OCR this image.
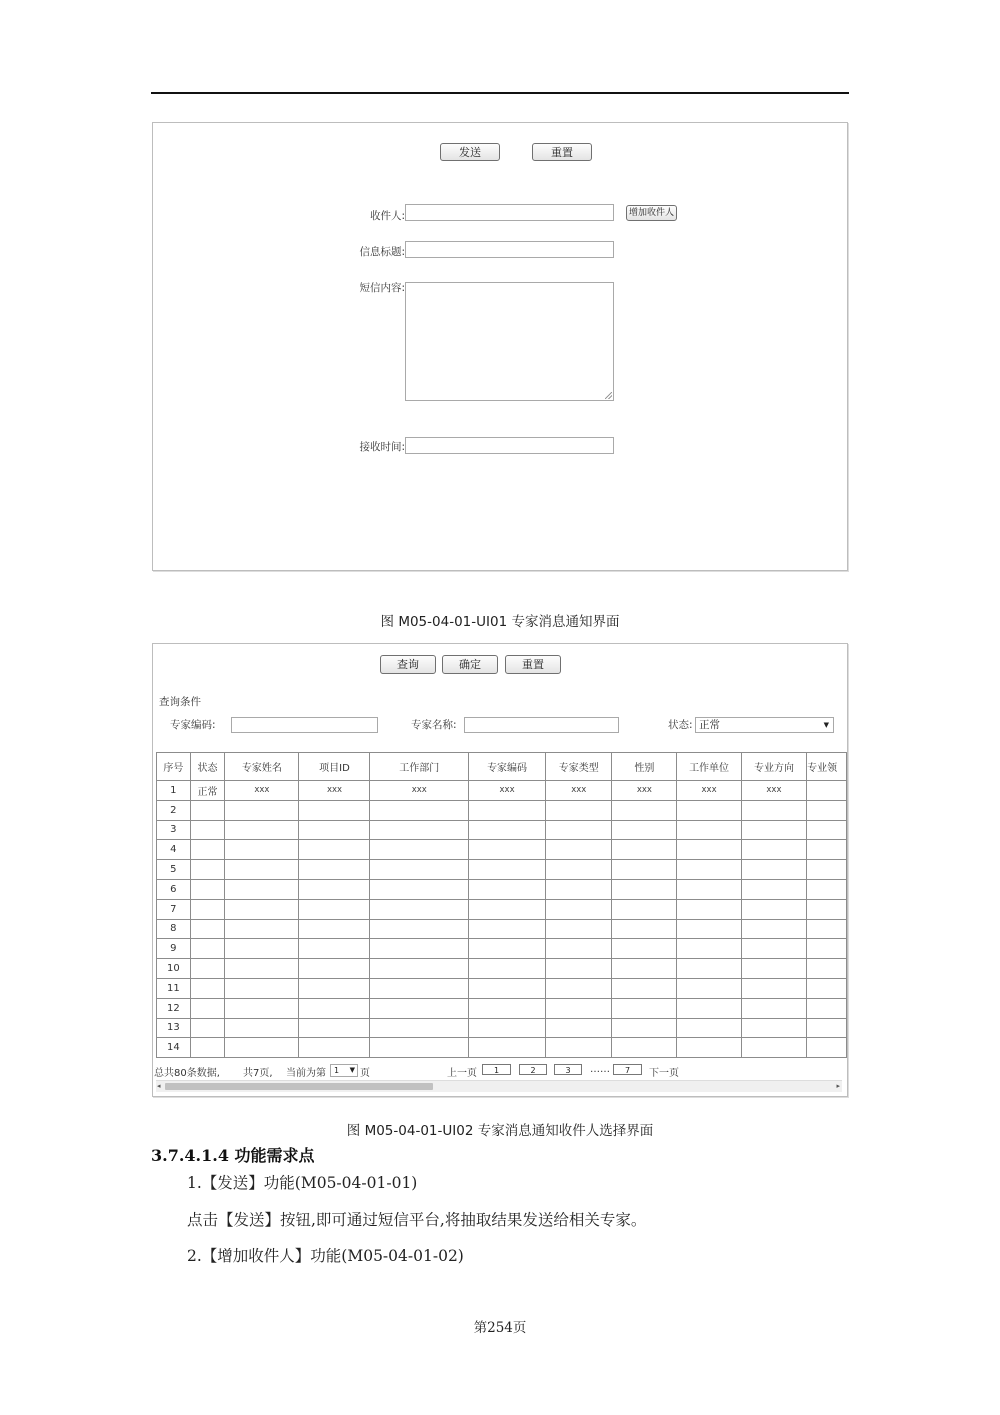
发送	重置
收件人:	增加收件人
信息标题:
短信内容:
接收时间:
图 M05-04-01-UI01 专家消息通知界面
查询	确定	重置
查询条件
专家编码:	专家名称:	状态: 正常	▼
序号	状态	专家姓名	项目ID	工作部门	专家编码	专家类型	性别	工作单位	专业方向	专业领
1	正常	xxx	xxx	xxx	xxx	xxx	xxx	xxx	xxx	
2										
3										
4										
5										
6										
7										
8										
9										
10										
11										
12										
13										
14										
总共80条数据, 共7页, 当前为第	1 ▼ 页	上一页	1	2	3	……	7	下一页
◂	▸
图 M05-04-01-UI02 专家消息通知收件人选择界面
3.7.4.1.4 功能需求点
1.【发送】功能(M05-04-01-01)
点击【发送】按钮,即可通过短信平台,将抽取结果发送给相关专家。
2.【增加收件人】功能(M05-04-01-02)
第254页
